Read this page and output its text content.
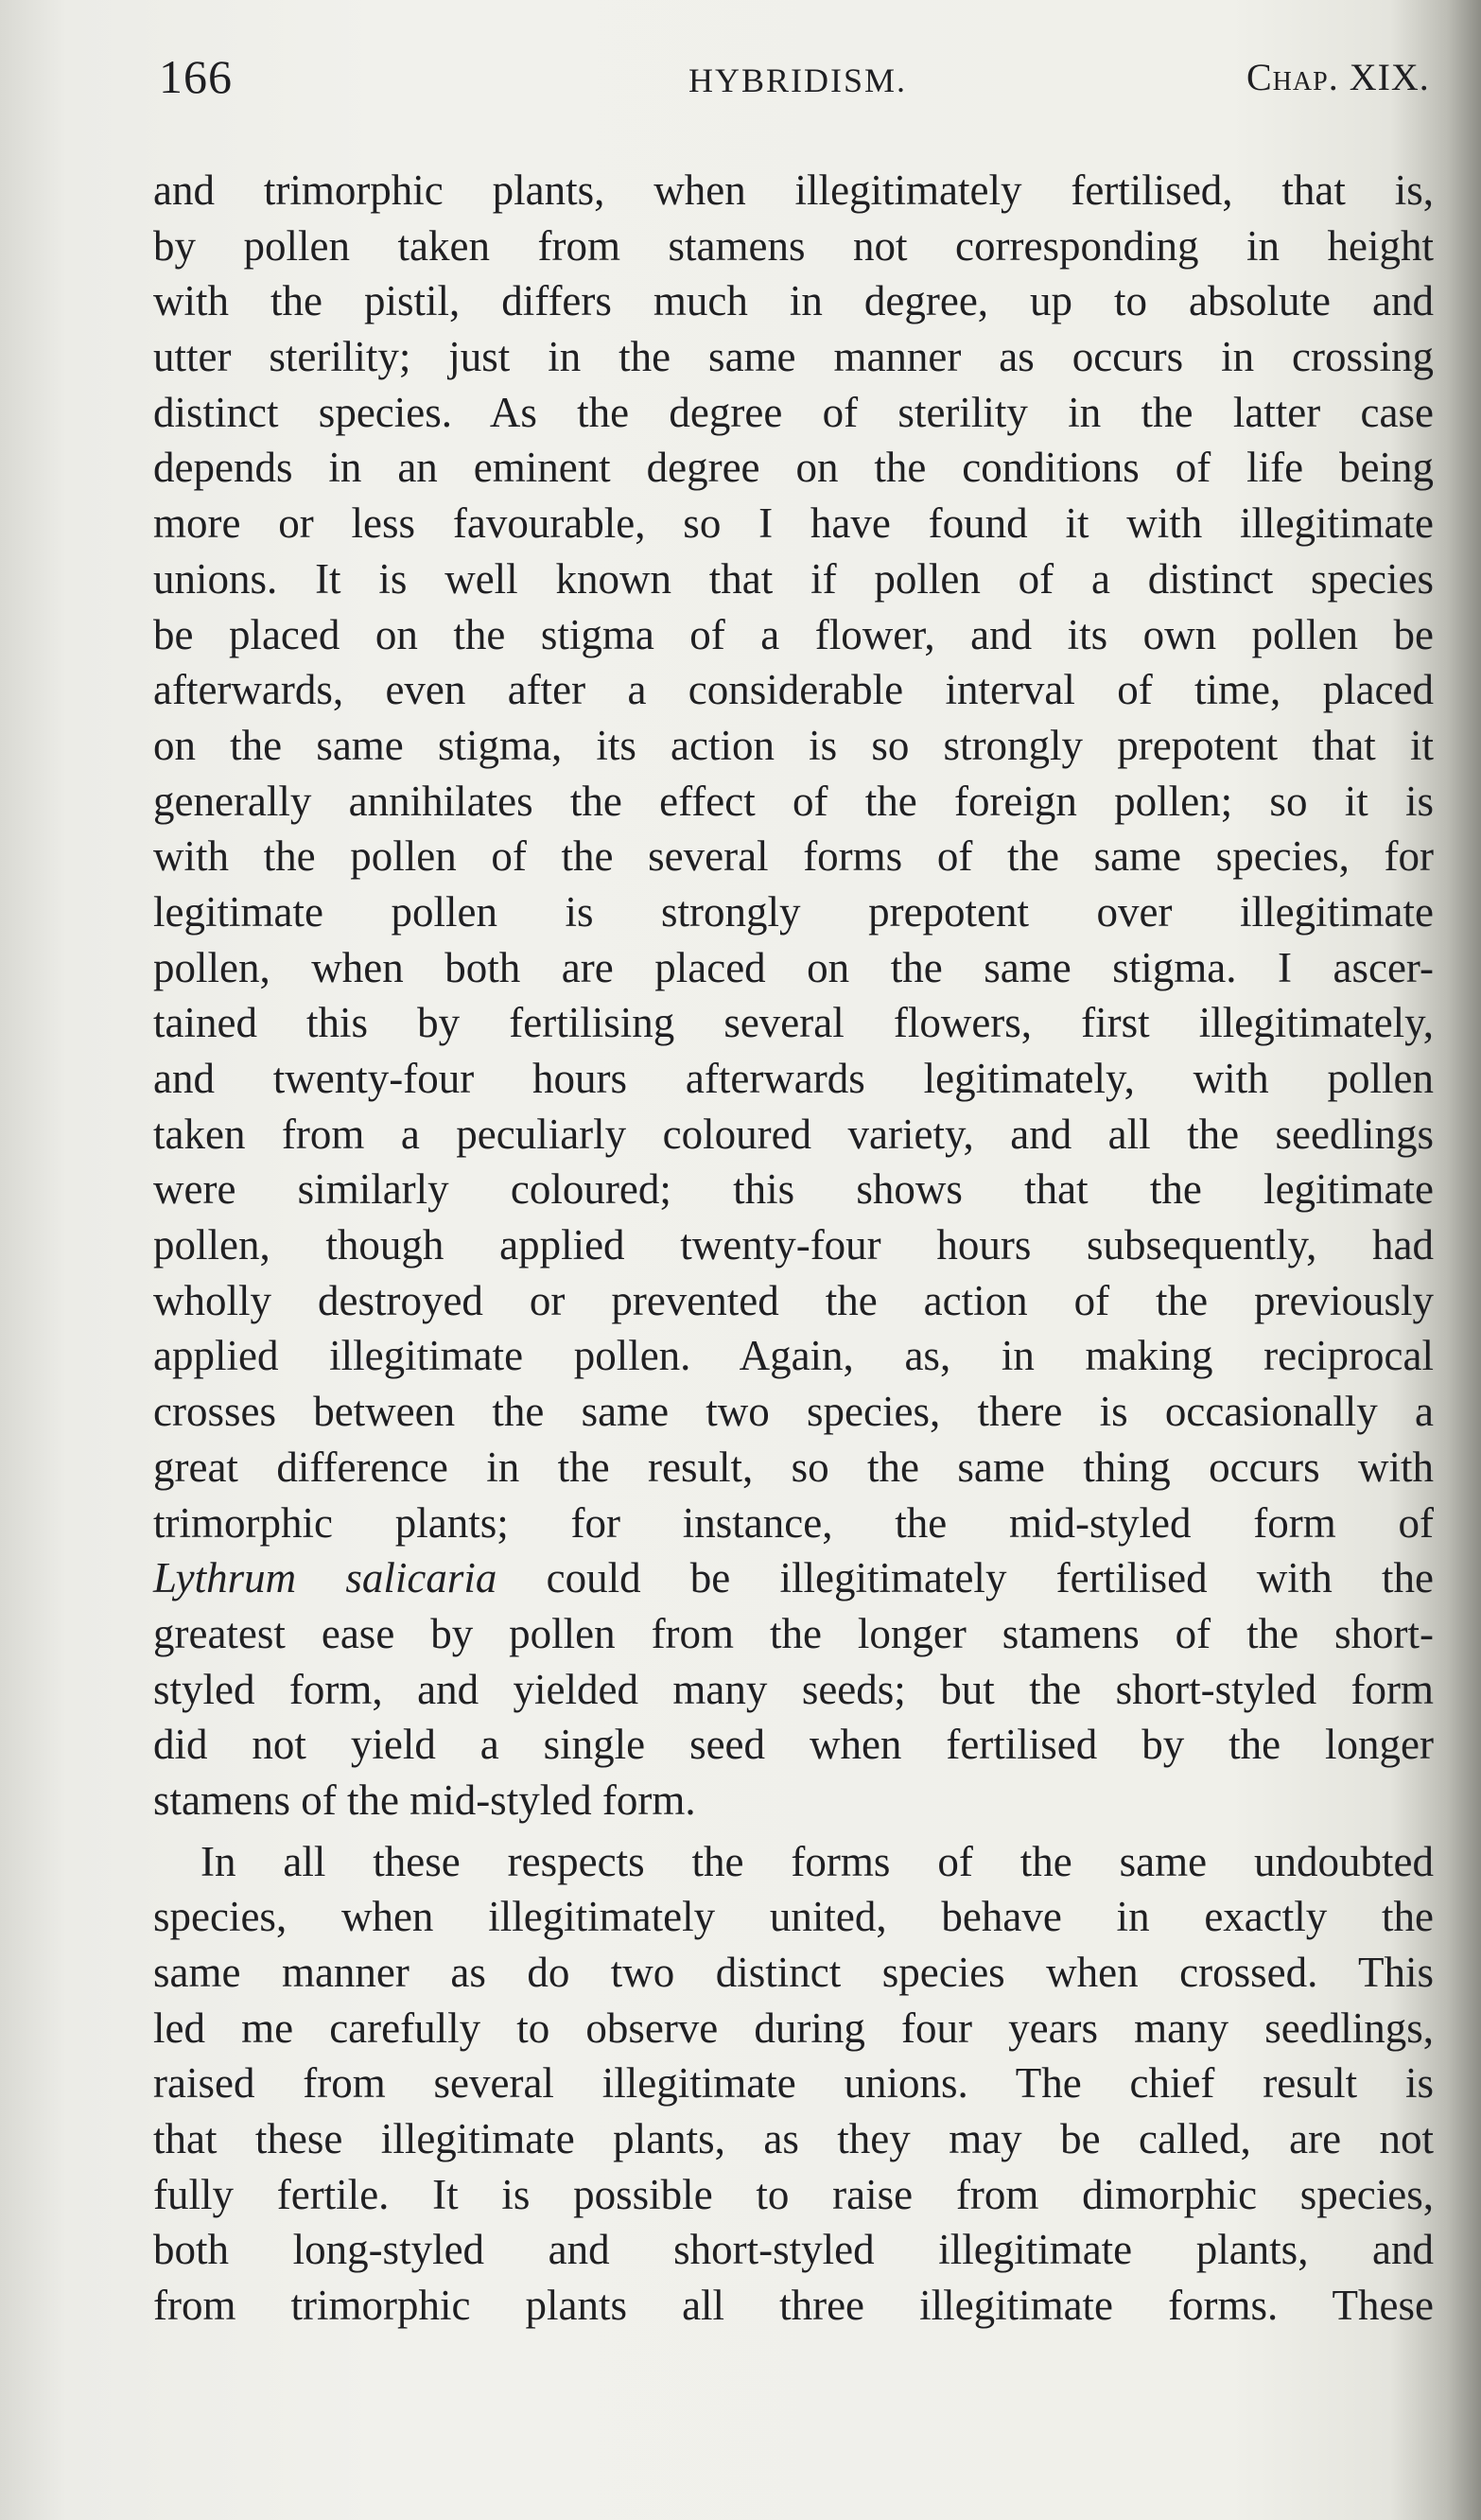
166	HYBRIDISM.	Chap. XIX.
and trimorphic plants, when illegitimately fertilised, that is,
by pollen taken from stamens not corresponding in height
with the pistil, differs much in degree, up to absolute and
utter sterility; just in the same manner as occurs in crossing
distinct species. As the degree of sterility in the latter case
depends in an eminent degree on the conditions of life being
more or less favourable, so I have found it with illegitimate
unions. It is well known that if pollen of a distinct species
be placed on the stigma of a flower, and its own pollen be
afterwards, even after a considerable interval of time, placed
on the same stigma, its action is so strongly prepotent that it
generally annihilates the effect of the foreign pollen; so it is
with the pollen of the several forms of the same species, for
legitimate pollen is strongly prepotent over illegitimate
pollen, when both are placed on the same stigma. I ascer-
tained this by fertilising several flowers, first illegitimately,
and twenty-four hours afterwards legitimately, with pollen
taken from a peculiarly coloured variety, and all the seedlings
were similarly coloured; this shows that the legitimate
pollen, though applied twenty-four hours subsequently, had
wholly destroyed or prevented the action of the previously
applied illegitimate pollen. Again, as, in making reciprocal
crosses between the same two species, there is occasionally a
great difference in the result, so the same thing occurs with
trimorphic plants; for instance, the mid-styled form of
Lythrum salicaria could be illegitimately fertilised with the
greatest ease by pollen from the longer stamens of the short-
styled form, and yielded many seeds; but the short-styled form
did not yield a single seed when fertilised by the longer
stamens of the mid-styled form.
In all these respects the forms of the same undoubted
species, when illegitimately united, behave in exactly the
same manner as do two distinct species when crossed. This
led me carefully to observe during four years many seedlings,
raised from several illegitimate unions. The chief result is
that these illegitimate plants, as they may be called, are not
fully fertile. It is possible to raise from dimorphic species,
both long-styled and short-styled illegitimate plants, and
from trimorphic plants all three illegitimate forms. These
